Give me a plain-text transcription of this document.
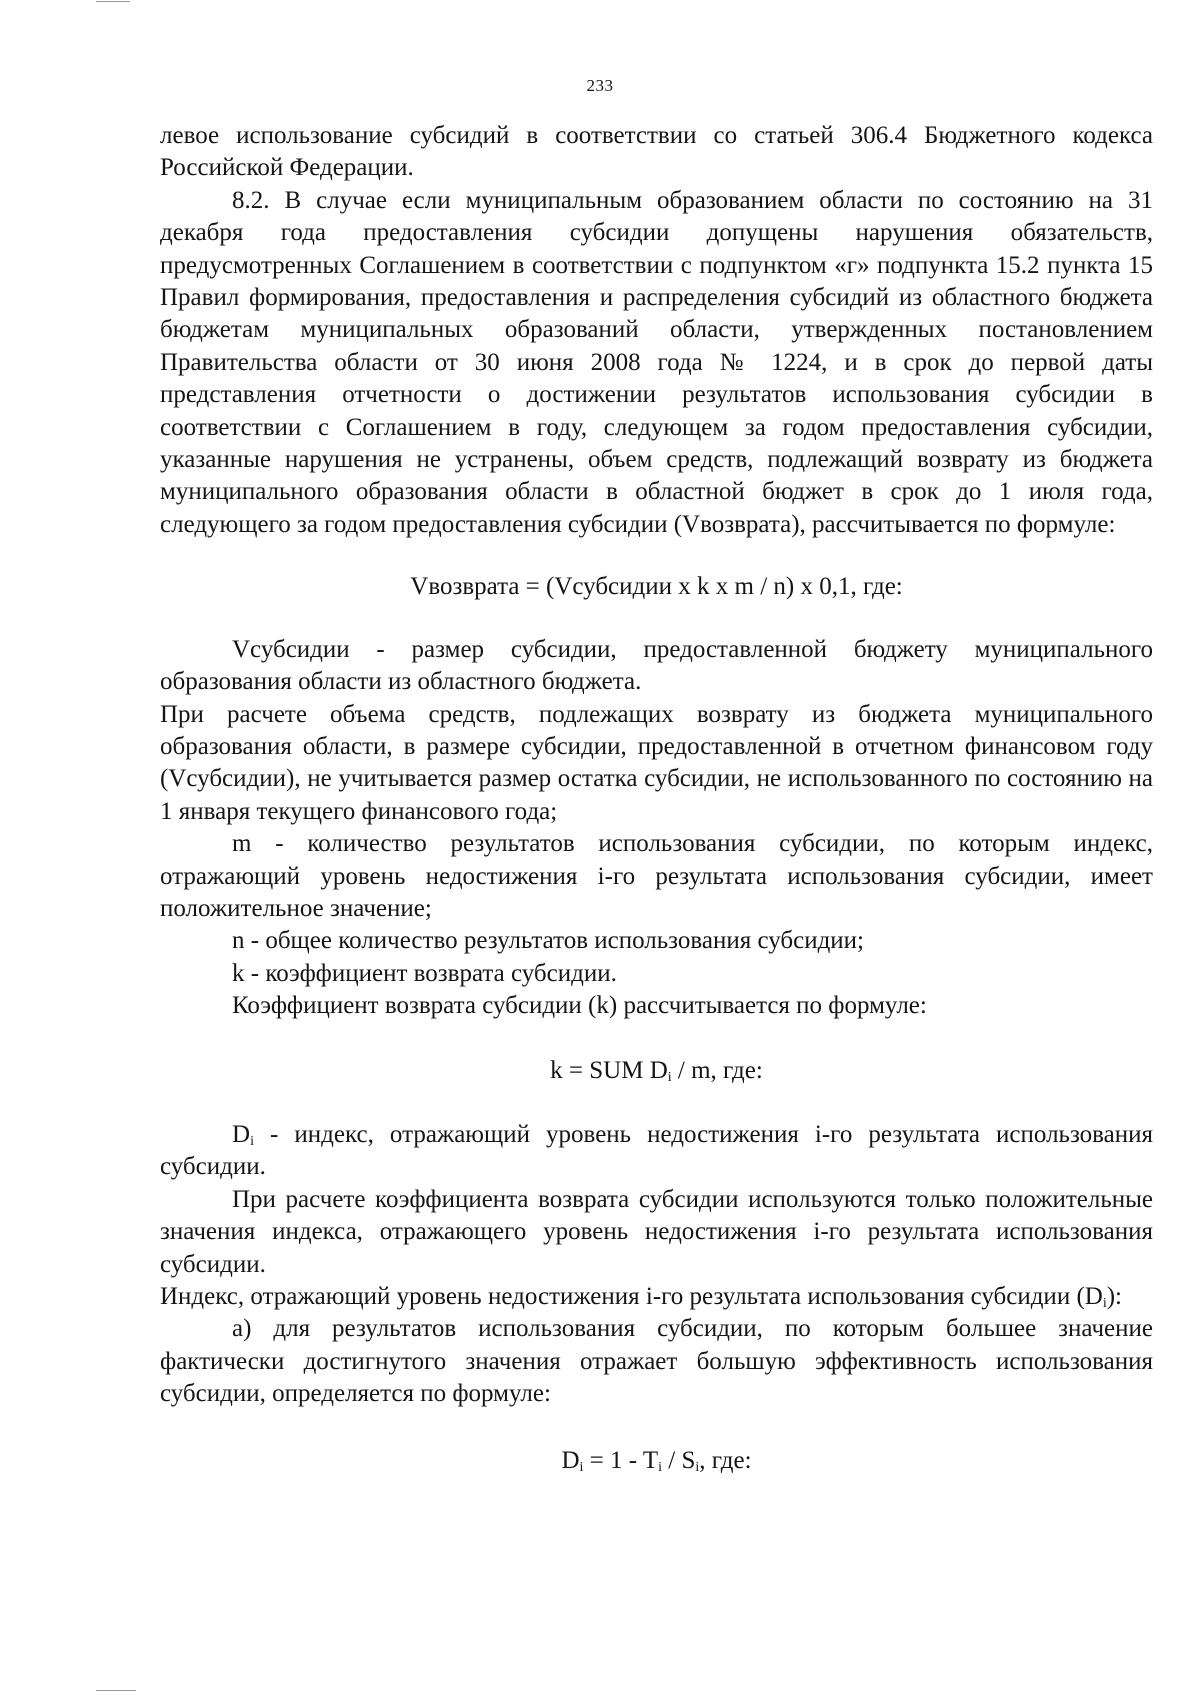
233

левое использование субсидий в соответствии со статьей 306.4 Бюджетного кодекса Российской Федерации.

8.2. В случае если муниципальным образованием области по состоянию на 31 декабря года предоставления субсидии допущены нарушения обязательств, предусмотренных Соглашением в соответствии с подпунктом «г» подпункта 15.2 пункта 15 Правил формирования, предоставления и распределения субсидий из областного бюджета бюджетам муниципальных образований области, утвержденных постановлением Правительства области от 30 июня 2008 года № 1224, и в срок до первой даты представления отчетности о достижении результатов использования субсидии в соответствии с Соглашением в году, следующем за годом предоставления субсидии, указанные нарушения не устранены, объем средств, подлежащий возврату из бюджета муниципального образования области в областной бюджет в срок до 1 июля года, следующего за годом предоставления субсидии (Vвозврата), рассчитывается по формуле:

Vвозврата = (Vсубсидии x k x m / n) x 0,1, где:

Vсубсидии - размер субсидии, предоставленной бюджету муниципального образования области из областного бюджета.

При расчете объема средств, подлежащих возврату из бюджета муниципального образования области, в размере субсидии, предоставленной в отчетном финансовом году (Vсубсидии), не учитывается размер остатка субсидии, не использованного по состоянию на 1 января текущего финансового года;

m - количество результатов использования субсидии, по которым индекс, отражающий уровень недостижения i-го результата использования субсидии, имеет положительное значение;

n - общее количество результатов использования субсидии;

k - коэффициент возврата субсидии.

Коэффициент возврата субсидии (k) рассчитывается по формуле:

k = SUM $D_i$ / m, где:

$D_i$ - индекс, отражающий уровень недостижения i-го результата использования субсидии.

При расчете коэффициента возврата субсидии используются только положительные значения индекса, отражающего уровень недостижения i-го результата использования субсидии.

Индекс, отражающий уровень недостижения i-го результата использования субсидии $(D_i)$:

а) для результатов использования субсидии, по которым большее значение фактически достигнутого значения отражает большую эффективность использования субсидии, определяется по формуле:

$D_i = 1 - T_i / S_i$, где:
